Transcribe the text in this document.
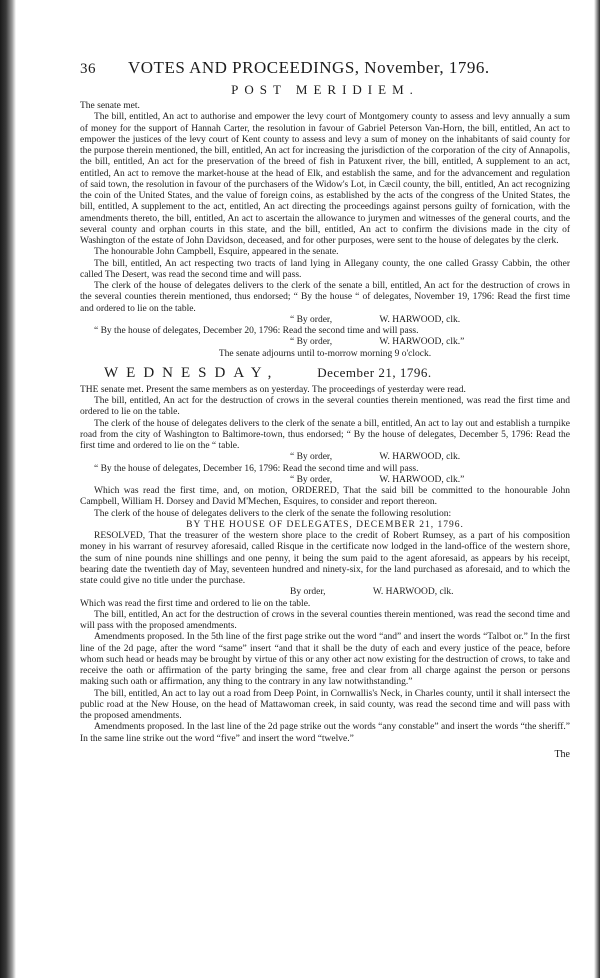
36	VOTES AND PROCEEDINGS, November, 1796.
POST MERIDIEM.

The senate met.

The bill, entitled, An act to authorise and empower the levy court of Montgomery county to assess and levy annually a sum of money for the support of Hannah Carter, the resolution in favour of Gabriel Peterson Van-Horn, the bill, entitled, An act to empower the justices of the levy court of Kent county to assess and levy a sum of money on the inhabitants of said county for the purpose therein mentioned, the bill, entitled, An act for increasing the jurisdiction of the corporation of the city of Annapolis, the bill, entitled, An act for the preservation of the breed of fish in Patuxent river, the bill, entitled, A supplement to an act, entitled, An act to remove the market-house at the head of Elk, and establish the same, and for the advancement and regulation of said town, the resolution in favour of the purchasers of the Widow's Lot, in Cæcil county, the bill, entitled, An act recognizing the coin of the United States, and the value of foreign coins, as established by the acts of the congress of the United States, the bill, entitled, A supplement to the act, entitled, An act directing the proceedings against persons guilty of fornication, with the amendments thereto, the bill, entitled, An act to ascertain the allowance to jurymen and witnesses of the general courts, and the several county and orphan courts in this state, and the bill, entitled, An act to confirm the divisions made in the city of Washington of the estate of John Davidson, deceased, and for other purposes, were sent to the house of delegates by the clerk.

The honourable John Campbell, Esquire, appeared in the senate.

The bill, entitled, An act respecting two tracts of land lying in Allegany county, the one called Grassy Cabbin, the other called The Desert, was read the second time and will pass.

The clerk of the house of delegates delivers to the clerk of the senate a bill, entitled, An act for the destruction of crows in the several counties therein mentioned, thus endorsed; “ By the house “ of delegates, November 19, 1796: Read the first time and ordered to lie on the table.

“ By order,                    W. HARWOOD, clk.

“ By the house of delegates, December 20, 1796: Read the second time and will pass.

“ By order,                    W. HARWOOD, clk.”

The senate adjourns until to-morrow morning 9 o'clock.

WEDNESDAY,	December 21, 1796.

THE senate met. Present the same members as on yesterday. The proceedings of yesterday were read.

The bill, entitled, An act for the destruction of crows in the several counties therein mentioned, was read the first time and ordered to lie on the table.

The clerk of the house of delegates delivers to the clerk of the senate a bill, entitled, An act to lay out and establish a turnpike road from the city of Washington to Baltimore-town, thus endorsed; “ By the house of delegates, December 5, 1796: Read the first time and ordered to lie on the “ table.

“ By order,                    W. HARWOOD, clk.

“ By the house of delegates, December 16, 1796: Read the second time and will pass.

“ By order,                    W. HARWOOD, clk.”

Which was read the first time, and, on motion, ORDERED, That the said bill be committed to the honourable John Campbell, William H. Dorsey and David M'Mechen, Esquires, to consider and report thereon.

The clerk of the house of delegates delivers to the clerk of the senate the following resolution:

BY THE HOUSE OF DELEGATES, DECEMBER 21, 1796.

RESOLVED, That the treasurer of the western shore place to the credit of Robert Rumsey, as a part of his composition money in his warrant of resurvey aforesaid, called Risque in the certificate now lodged in the land-office of the western shore, the sum of nine pounds nine shillings and one penny, it being the sum paid to the agent aforesaid, as appears by his receipt, bearing date the twentieth day of May, seventeen hundred and ninety-six, for the land purchased as aforesaid, and to which the state could give no title under the purchase.

By order,                    W. HARWOOD, clk.

Which was read the first time and ordered to lie on the table.

The bill, entitled, An act for the destruction of crows in the several counties therein mentioned, was read the second time and will pass with the proposed amendments.

Amendments proposed. In the 5th line of the first page strike out the word “and” and insert the words “Talbot or.” In the first line of the 2d page, after the word “same” insert “and that it shall be the duty of each and every justice of the peace, before whom such head or heads may be brought by virtue of this or any other act now existing for the destruction of crows, to take and receive the oath or affirmation of the party bringing the same, free and clear from all charge against the person or persons making such oath or affirmation, any thing to the contrary in any law notwithstanding.”

The bill, entitled, An act to lay out a road from Deep Point, in Cornwallis's Neck, in Charles county, until it shall intersect the public road at the New House, on the head of Mattawoman creek, in said county, was read the second time and will pass with the proposed amendments.

Amendments proposed. In the last line of the 2d page strike out the words “any constable” and insert the words “the sheriff.” In the same line strike out the word “five” and insert the word “twelve.”

The
